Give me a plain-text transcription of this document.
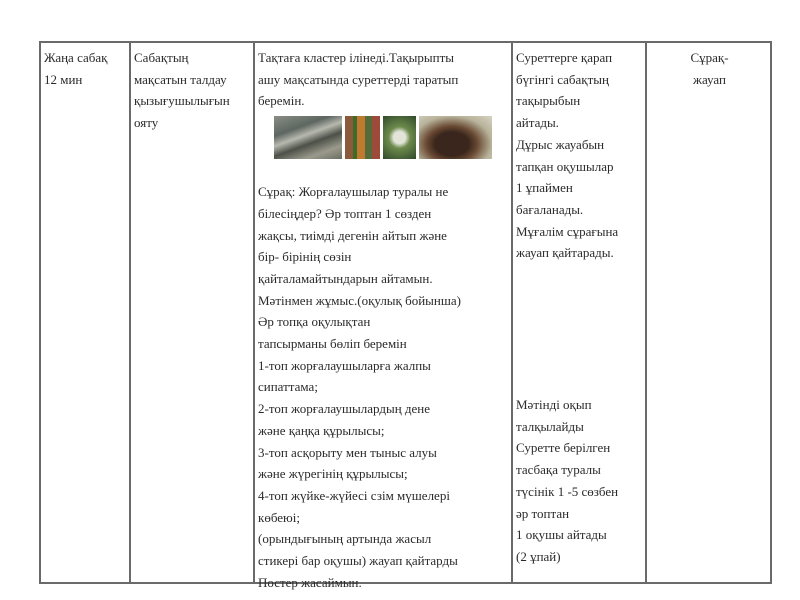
Жаңа сабақ
12 мин
Сабақтың
мақсатын талдау
қызығушылығын
ояту
Тақтаға кластер ілінеді.Тақырыпты
ашу мақсатында суреттерді таратып
беремін.
Сұрақ: Жорғалаушылар туралы не
білесіңдер? Әр топтан 1 сөзден
жақсы, тиімді дегенін айтып және
бір- бірінің сөзін
қайталамайтындарын айтамын.
Мәтінмен жұмыс.(оқулық бойынша)
Әр топқа оқулықтан
тапсырманы бөліп беремін
1-топ жорғалаушыларға жалпы
сипаттама;
2-топ жорғалаушылардың дене
және қаңқа құрылысы;
3-топ асқорыту мен тыныс алуы
және жүрегінің құрылысы;
4-топ жүйке-жүйесі сзім мүшелері
көбеюі;
(орындығының артында жасыл
стикері бар оқушы) жауап қайтарды
Постер жасаймын.
Суреттерге қарап
бүгінгі сабақтың
тақырыбын
айтады.
Дұрыс жауабын
тапқан оқушылар
1 ұпаймен
бағаланады.
Мұғалім сұрағына
жауап қайтарады.
Мәтінді оқып
талқылайды
Суретте берілген
тасбақа туралы
түсінік 1 -5 сөзбен
әр топтан
1 оқушы айтады
(2 ұпай)
Сұрақ-
жауап
